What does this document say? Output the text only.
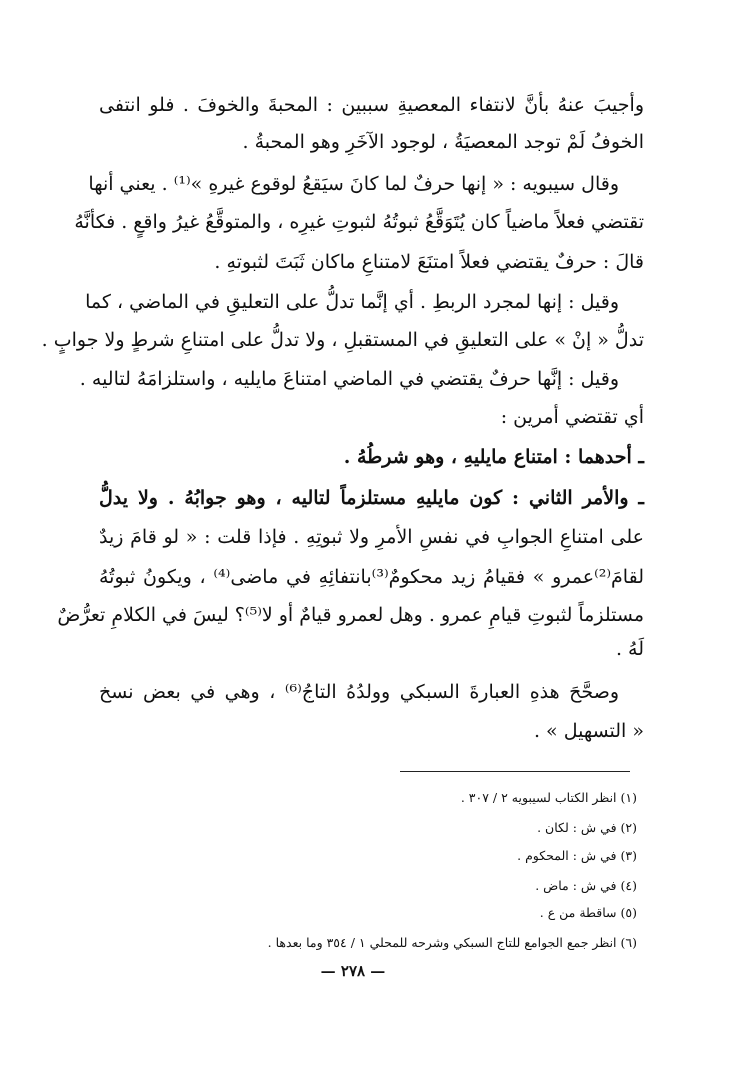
وأجيبَ عنهُ بأنَّ لانتفاء المعصيةِ سببين : المحبةَ والخوفَ . فلو انتفى
الخوفُ لَمْ توجد المعصيَةُ ، لوجود الآخَرِ وهو المحبةُ .
وقال سيبويه : « إنها حرفٌ لما كانَ سيَقعُ لوقوع غيرهِ »⁽¹⁾ . يعني أنها
تقتضي فعلاً ماضياً كان يُتَوَقَّعُ ثبوتُهُ لثبوتِ غيرِه ، والمتوقَّعُ غيرُ واقعٍ . فكأنَّهُ
قالَ : حرفٌ يقتضي فعلاً امتنَعَ لامتناعِ ماكان ثَبَتَ لثبوتهِ .
وقيل : إنها لمجرد الربطِ . أي إنَّما تدلُّ على التعليقِ في الماضي ، كما
تدلُّ « إنْ » على التعليقِ في المستقبلِ ، ولا تدلُّ على امتناعِ شرطٍ ولا جوابٍ .
وقيل : إنَّها حرفٌ يقتضي في الماضي امتناعَ مايليه ، واستلزامَهُ لتاليه .
أي تقتضي أمرين :
ـ أحدهما : امتناع مايليهِ ، وهو شرطُهُ .
ـ والأمر الثاني : كون مايليهِ مستلزماً لتاليه ، وهو جوابُهُ . ولا يدلُّ
على امتناعِ الجوابِ في نفسِ الأمرِ ولا ثبوتِهِ . فإذا قلت : « لو قامَ زيدٌ
لقامَ⁽²⁾عمرو » فقيامُ زيد محكومٌ⁽³⁾بانتفائِهِ في ماضى⁽⁴⁾ ، ويكونُ ثبوتُهُ
مستلزماً لثبوتِ قيامِ عمرو . وهل لعمرو قيامٌ أو لا⁽⁵⁾؟ ليسَ في الكلامِ تعرُّضٌ
لَهُ .
وصحَّحَ هذهِ العبارةَ السبكي وولدُهُ التاجُ⁽⁶⁾ ، وهي في بعض نسخ
« التسهيل » .
(١) انظر الكتاب لسيبويه ٢ / ٣٠٧ .
(٢) في ش : لكان .
(٣) في ش : المحكوم .
(٤) في ش : ماض .
(٥) ساقطة من ع .
(٦) انظر جمع الجوامع للتاج السبكي وشرحه للمحلي ١ / ٣٥٤ وما بعدها .
— ٢٧٨ —
